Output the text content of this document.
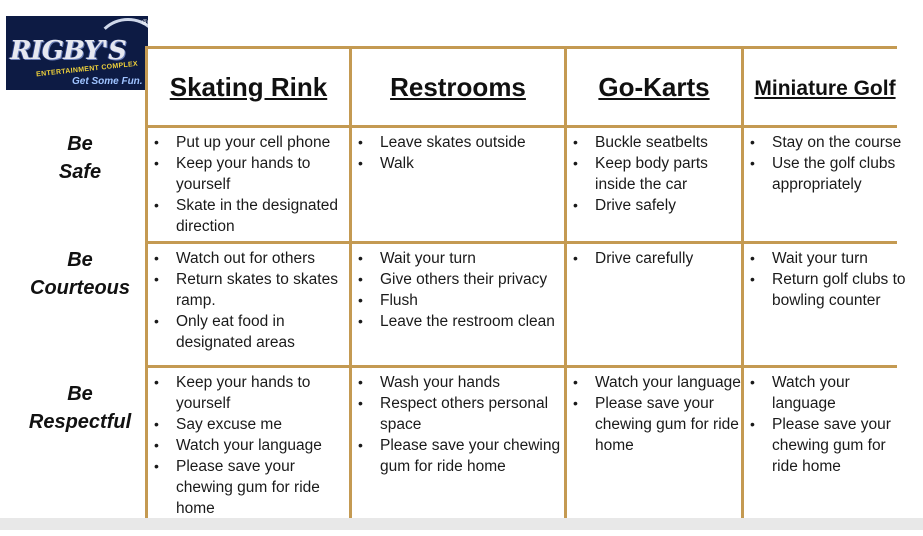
RIGBY'S
®
ENTERTAINMENT COMPLEX
Get Some Fun.
Be
Safe
Be
Courteous
Be
Respectful
Skating Rink	Restrooms	Go-Karts	Miniature Golf
• Put up your cell phone
• Keep your hands to yourself
• Skate in the designated direction
• Leave skates outside
• Walk
• Buckle seatbelts
• Keep body parts inside the car
• Drive safely
• Stay on the course
• Use the golf clubs appropriately
• Watch out for others
• Return skates to skates ramp.
• Only eat food in designated areas
• Wait your turn
• Give others their privacy
• Flush
• Leave the restroom clean
• Drive carefully
•	Wait your turn
• Return golf clubs to bowling counter
• Keep your hands to yourself
• Say excuse me
• Watch your language
• Please save your chewing gum for ride home
• Wash your hands
• Respect others personal space
• Please save your chewing gum for ride home
• Watch your language
• Please save your chewing gum for ride home
• Watch your language
• Please save your chewing gum for ride home
